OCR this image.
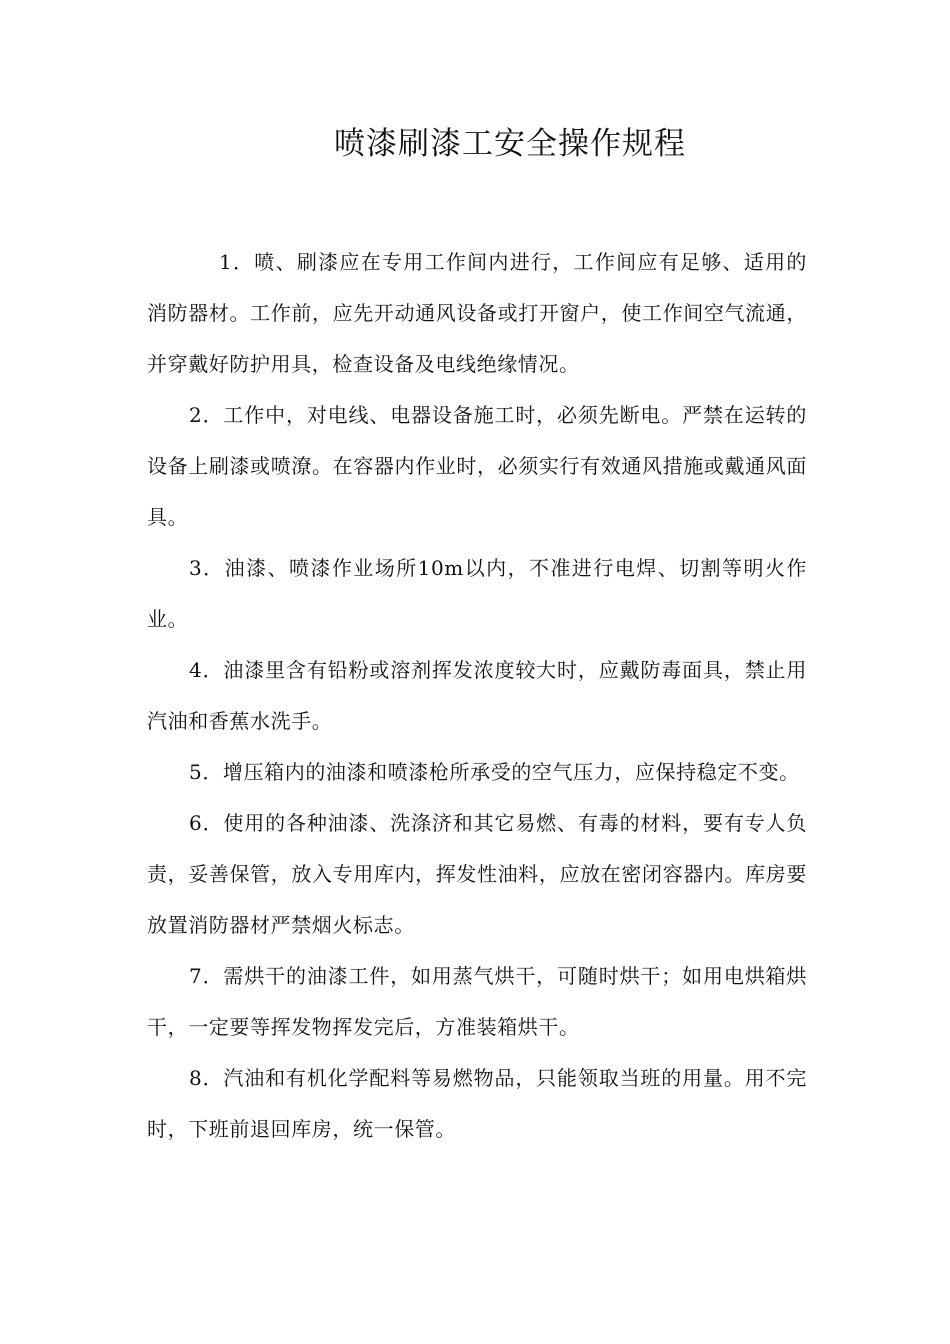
喷漆刷漆工安全操作规程

1．喷、刷漆应在专用工作间内进行，工作间应有足够、适用的消防器材。工作前，应先开动通风设备或打开窗户，使工作间空气流通，并穿戴好防护用具，检查设备及电线绝缘情况。

2．工作中，对电线、电器设备施工时，必须先断电。严禁在运转的设备上刷漆或喷潦。在容器内作业时，必须实行有效通风措施或戴通风面具。

3．油漆、喷漆作业场所10m以内，不准进行电焊、切割等明火作业。

4．油漆里含有铅粉或溶剂挥发浓度较大时，应戴防毒面具，禁止用汽油和香蕉水洗手。

5．增压箱内的油漆和喷漆枪所承受的空气压力，应保持稳定不变。

6．使用的各种油漆、洗涤济和其它易燃、有毒的材料，要有专人负责，妥善保管，放入专用库内，挥发性油料，应放在密闭容器内。库房要放置消防器材严禁烟火标志。

7．需烘干的油漆工件，如用蒸气烘干，可随时烘干；如用电烘箱烘干，一定要等挥发物挥发完后，方准装箱烘干。

8．汽油和有机化学配料等易燃物品，只能领取当班的用量。用不完时，下班前退回库房，统一保管。
